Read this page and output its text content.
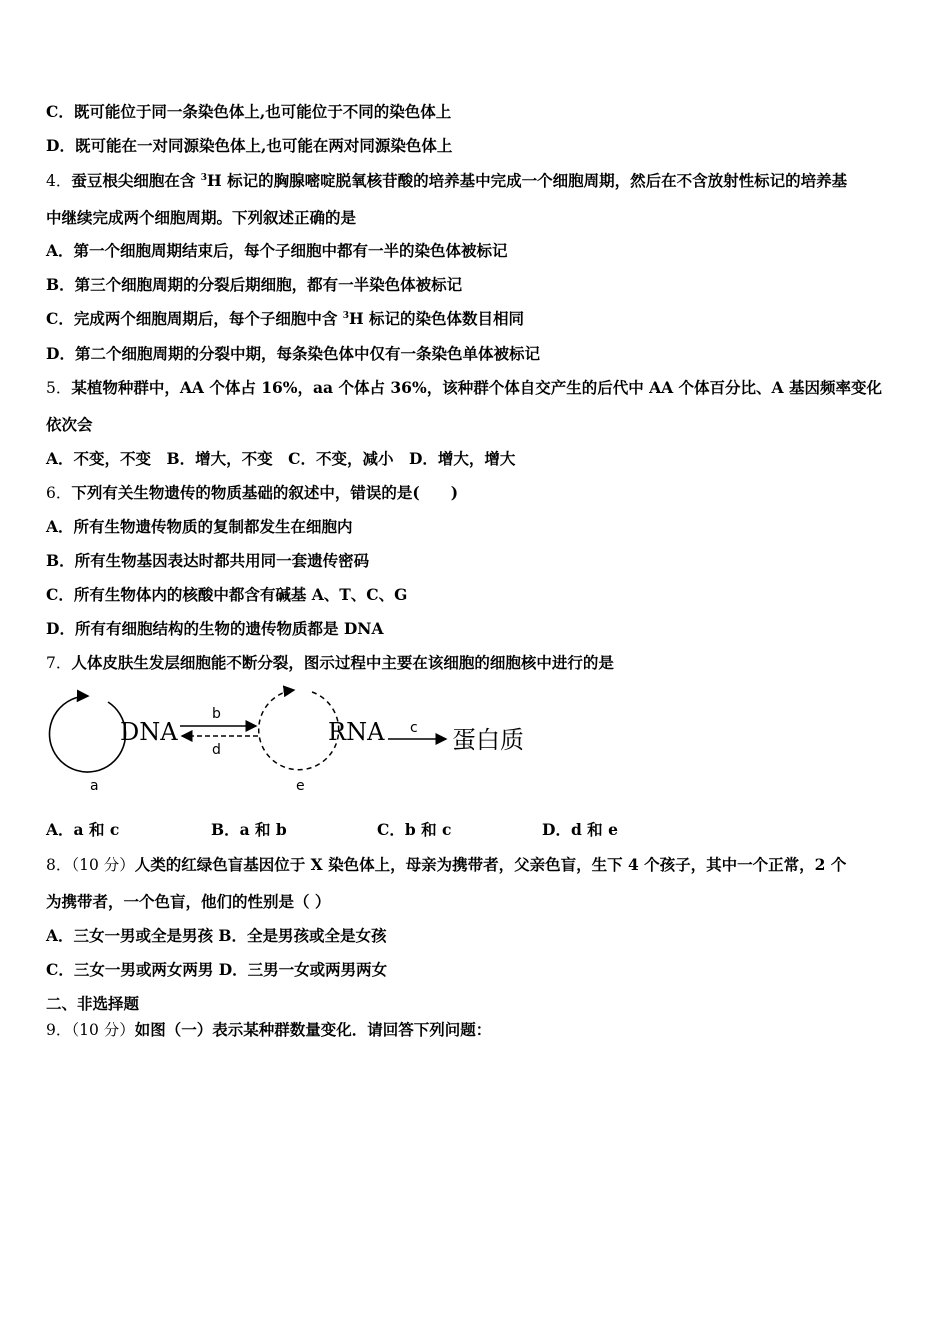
C．既可能位于同一条染色体上,也可能位于不同的染色体上
D．既可能在一对同源染色体上,也可能在两对同源染色体上
4．蚕豆根尖细胞在含 $^3$H 标记的胸腺嘧啶脱氧核苷酸的培养基中完成一个细胞周期，然后在不含放射性标记的培养基
中继续完成两个细胞周期。下列叙述正确的是
A．第一个细胞周期结束后，每个子细胞中都有一半的染色体被标记
B．第三个细胞周期的分裂后期细胞，都有一半染色体被标记
C．完成两个细胞周期后，每个子细胞中含 $^3$H 标记的染色体数目相同
D．第二个细胞周期的分裂中期，每条染色体中仅有一条染色单体被标记
5．某植物种群中，AA 个体占 16%，aa 个体占 36%，该种群个体自交产生的后代中 AA 个体百分比、A 基因频率变化
依次会
A．不变，不变　B．增大，不变　C．不变，减小　D．增大，增大
6．下列有关生物遗传的物质基础的叙述中，错误的是(　　)
A．所有生物遗传物质的复制都发生在细胞内
B．所有生物基因表达时都共用同一套遗传密码
C．所有生物体内的核酸中都含有碱基 A、T、C、G
D．所有有细胞结构的生物的遗传物质都是 DNA
7．人体皮肤生发层细胞能不断分裂，图示过程中主要在该细胞的细胞核中进行的是
8．（10 分）人类的红绿色盲基因位于 X 染色体上，母亲为携带者，父亲色盲，生下 4 个孩子，其中一个正常，2 个
为携带者，一个色盲，他们的性别是（ ）
A．三女一男或全是男孩 B．全是男孩或全是女孩
C．三女一男或两女两男 D．三男一女或两男两女
二、非选择题
9．（10 分）如图（一）表示某种群数量变化．请回答下列问题：
DNA
b
d
RNA c 蛋白质
a	e
A．a 和 c	B．a 和 b	C．b 和 c	D．d 和 e
